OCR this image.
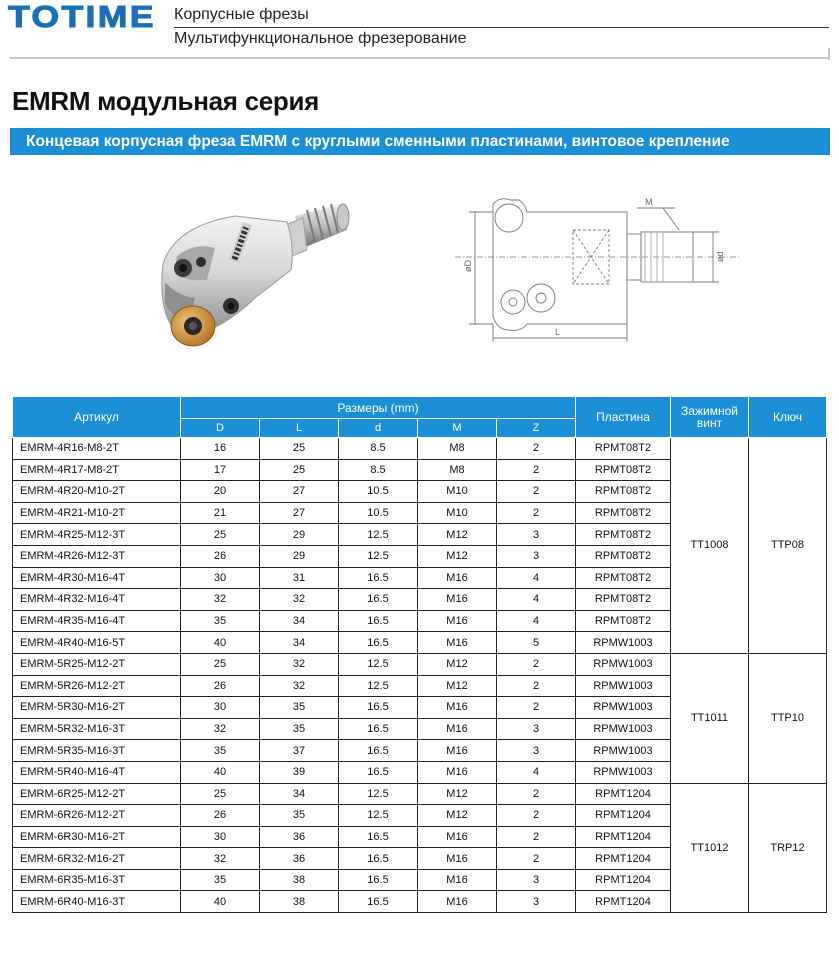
TOTIME Корпусные фрезы
Мультифункциональное фрезерование
EMRM модульная серия
Концевая корпусная фреза EMRM с круглыми сменными пластинами, винтовое крепление
øD
ød
L
M
Артикул	Размеры (mm)					Пластина	Зажимной винт	Ключ
	D	L	d	M	Z			
EMRM-4R16-M8-2T	16	25	8.5	M8	2	RPMT08T2	TT1008	TTP08
EMRM-4R17-M8-2T	17	25	8.5	M8	2	RPMT08T2		
EMRM-4R20-M10-2T	20	27	10.5	M10	2	RPMT08T2		
EMRM-4R21-M10-2T	21	27	10.5	M10	2	RPMT08T2		
EMRM-4R25-M12-3T	25	29	12.5	M12	3	RPMT08T2		
EMRM-4R26-M12-3T	26	29	12.5	M12	3	RPMT08T2		
EMRM-4R30-M16-4T	30	31	16.5	M16	4	RPMT08T2		
EMRM-4R32-M16-4T	32	32	16.5	M16	4	RPMT08T2		
EMRM-4R35-M16-4T	35	34	16.5	M16	4	RPMT08T2		
EMRM-4R40-M16-5T	40	34	16.5	M16	5	RPMW1003		
EMRM-5R25-M12-2T	25	32	12.5	M12	2	RPMW1003	TT1011	TTP10
EMRM-5R26-M12-2T	26	32	12.5	M12	2	RPMW1003		
EMRM-5R30-M16-2T	30	35	16.5	M16	2	RPMW1003		
EMRM-5R32-M16-3T	32	35	16.5	M16	3	RPMW1003		
EMRM-5R35-M16-3T	35	37	16.5	M16	3	RPMW1003		
EMRM-5R40-M16-4T	40	39	16.5	M16	4	RPMW1003		
EMRM-6R25-M12-2T	25	34	12.5	M12	2	RPMT1204	TT1012	TRP12
EMRM-6R26-M12-2T	26	35	12.5	M12	2	RPMT1204		
EMRM-6R30-M16-2T	30	36	16.5	M16	2	RPMT1204		
EMRM-6R32-M16-2T	32	36	16.5	M16	2	RPMT1204		
EMRM-6R35-M16-3T	35	38	16.5	M16	3	RPMT1204		
EMRM-6R40-M16-3T	40	38	16.5	M16	3	RPMT1204		
